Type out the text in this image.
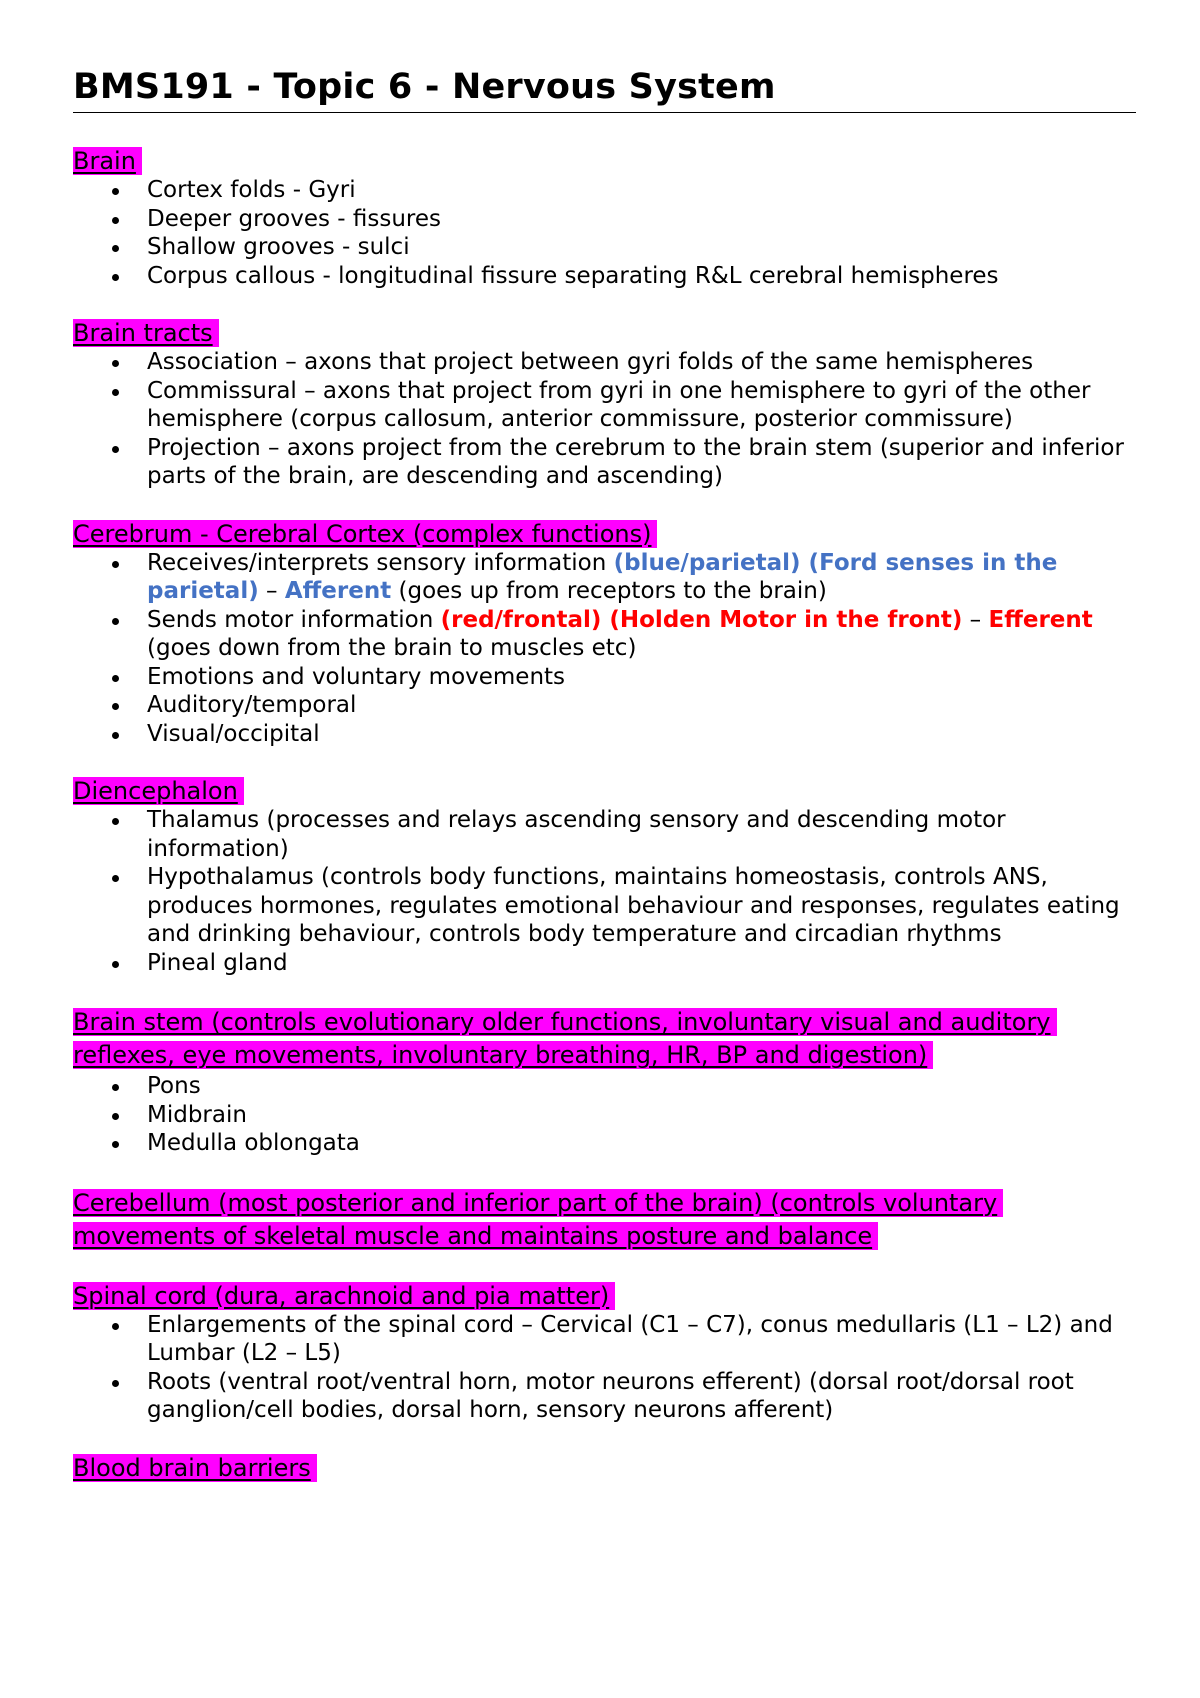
BMS191 - Topic 6 - Nervous System
Brain
Cortex folds - Gyri
Deeper grooves - fissures
Shallow grooves - sulci
Corpus callous - longitudinal fissure separating R&L cerebral hemispheres
Brain tracts
Association – axons that project between gyri folds of the same hemispheres
Commissural – axons that project from gyri in one hemisphere to gyri of the other hemisphere (corpus callosum, anterior commissure, posterior commissure)
Projection – axons project from the cerebrum to the brain stem (superior and inferior parts of the brain, are descending and ascending)
Cerebrum - Cerebral Cortex (complex functions)
Receives/interprets sensory information (blue/parietal) (Ford senses in the parietal) – Afferent (goes up from receptors to the brain)
Sends motor information (red/frontal) (Holden Motor in the front) – Efferent (goes down from the brain to muscles etc)
Emotions and voluntary movements
Auditory/temporal
Visual/occipital
Diencephalon
Thalamus (processes and relays ascending sensory and descending motor information)
Hypothalamus (controls body functions, maintains homeostasis, controls ANS, produces hormones, regulates emotional behaviour and responses, regulates eating and drinking behaviour, controls body temperature and circadian rhythms
Pineal gland
Brain stem (controls evolutionary older functions, involuntary visual and auditory reflexes, eye movements, involuntary breathing, HR, BP and digestion)
Pons
Midbrain
Medulla oblongata
Cerebellum (most posterior and inferior part of the brain) (controls voluntary movements of skeletal muscle and maintains posture and balance
Spinal cord (dura, arachnoid and pia matter)
Enlargements of the spinal cord – Cervical (C1 – C7), conus medullaris (L1 – L2) and Lumbar (L2 – L5)
Roots (ventral root/ventral horn, motor neurons efferent) (dorsal root/dorsal root ganglion/cell bodies, dorsal horn, sensory neurons afferent)
Blood brain barriers
